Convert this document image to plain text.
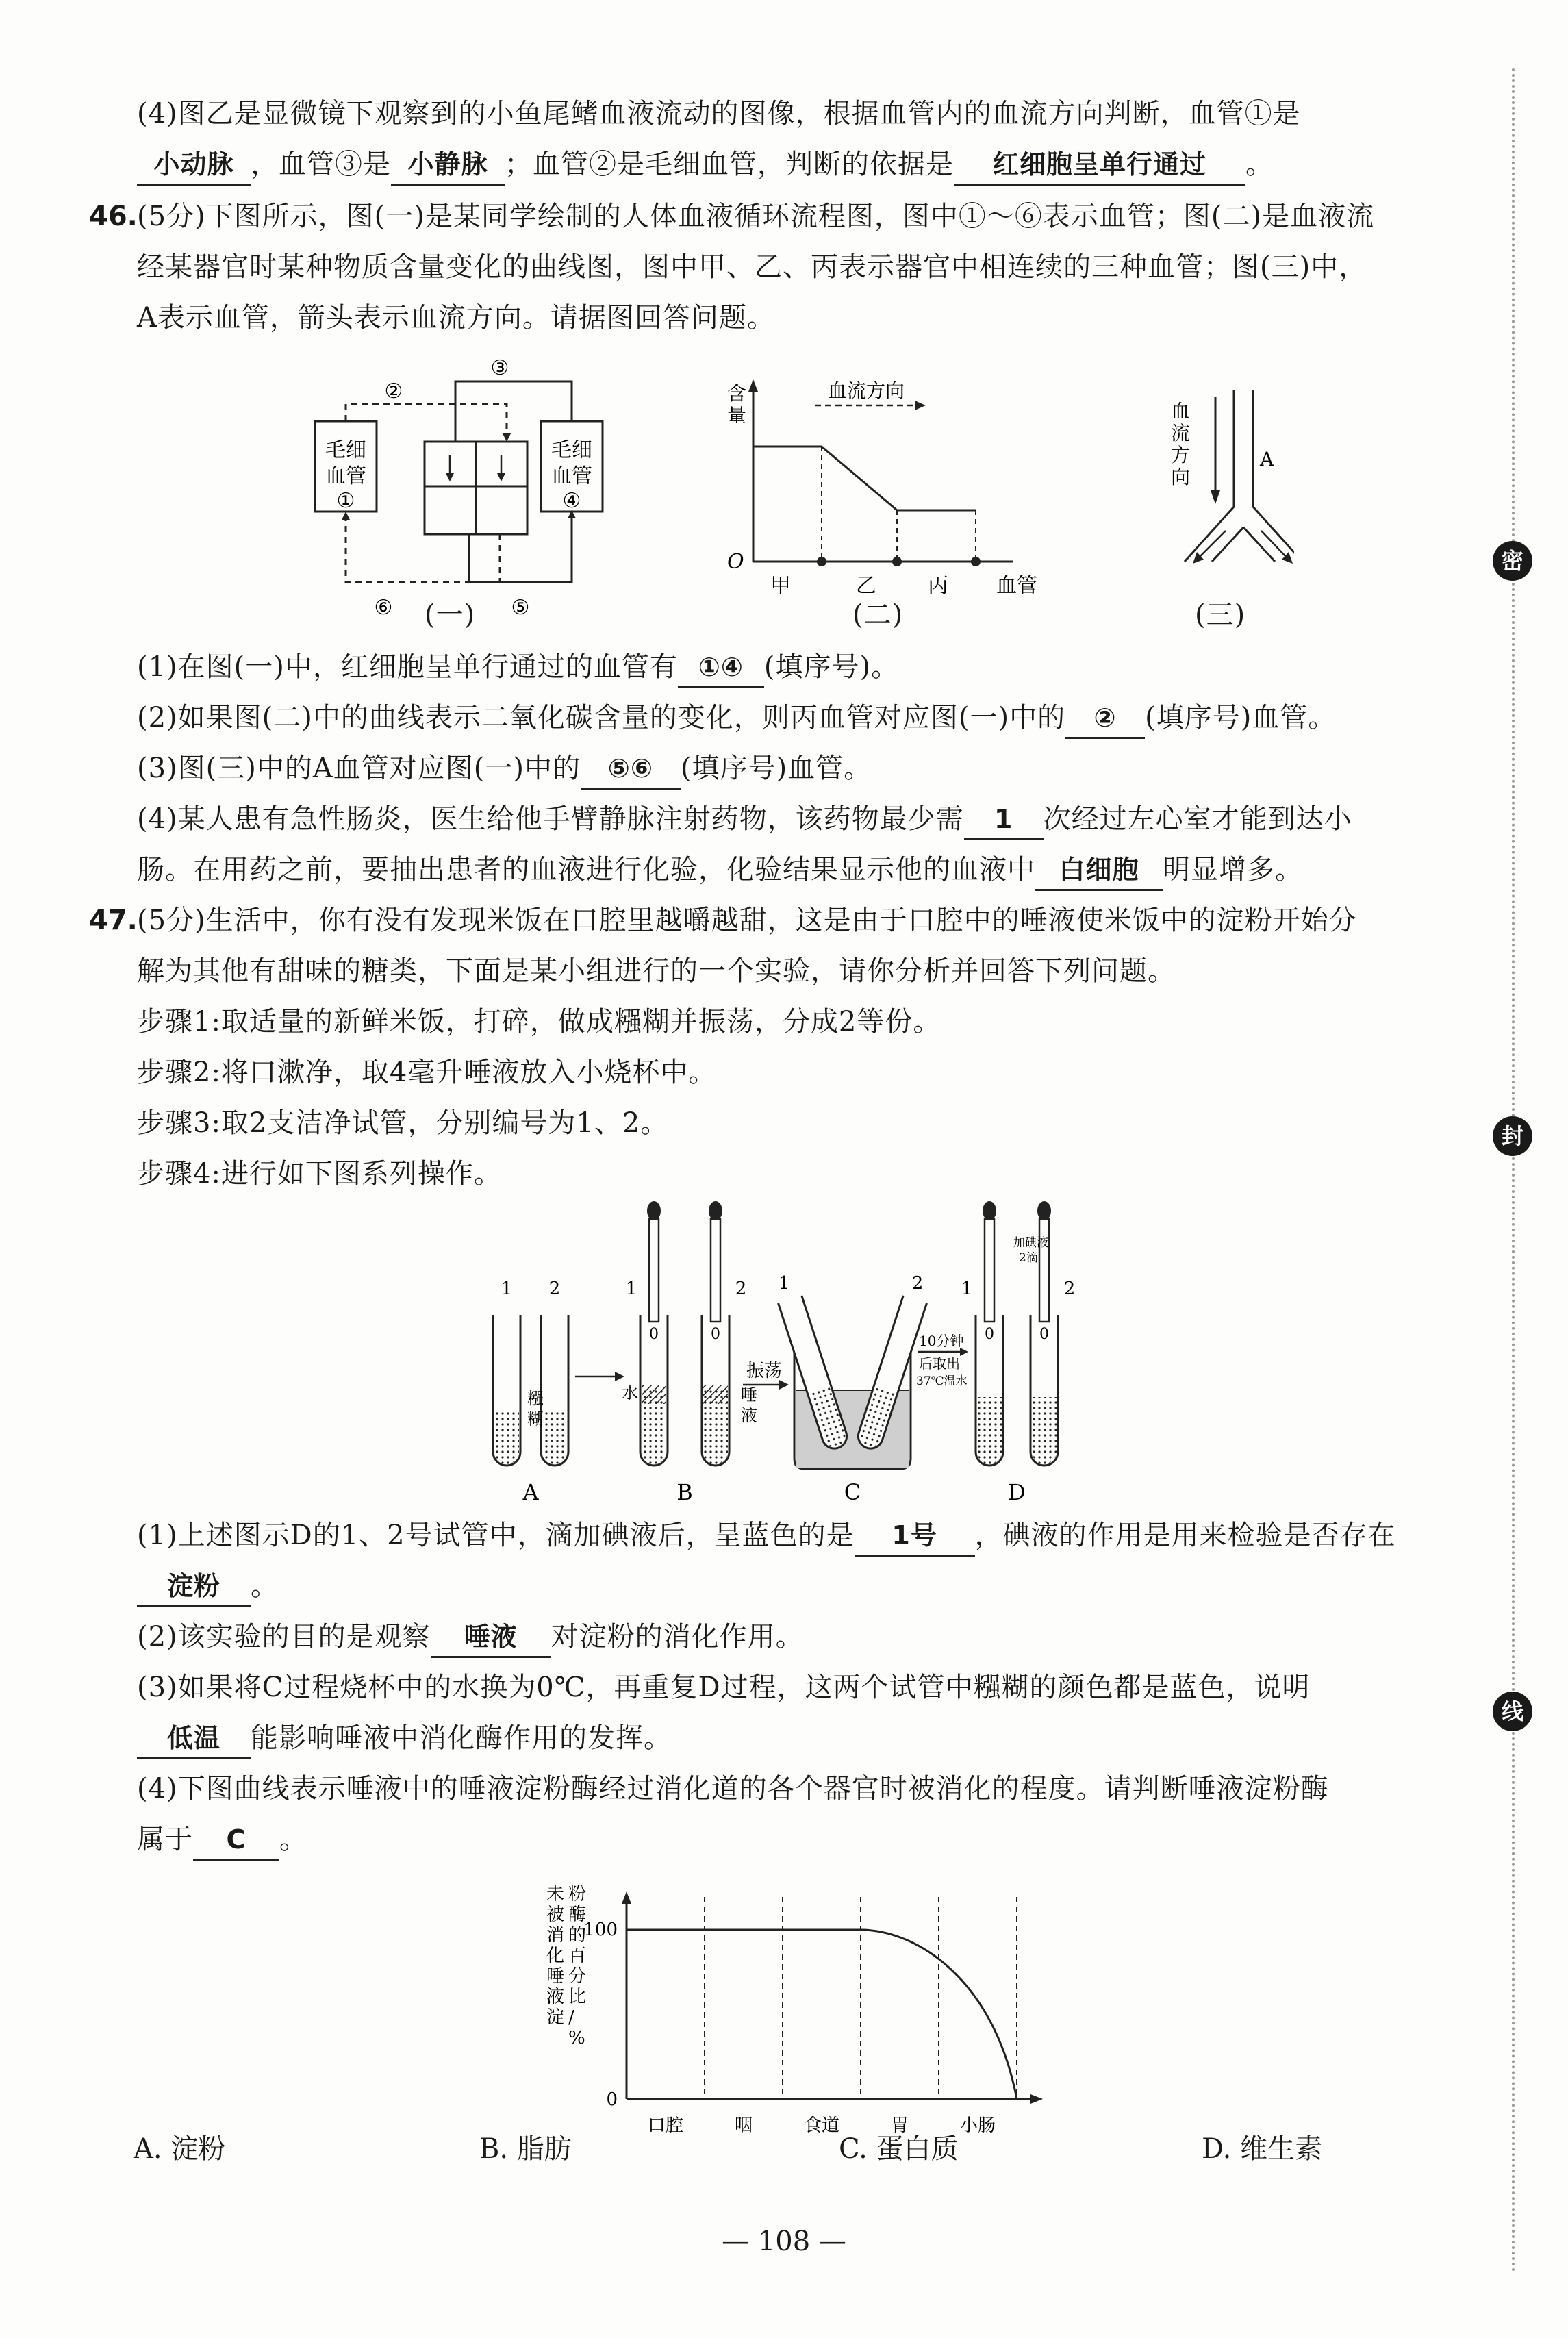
(4)图乙是显微镜下观察到的小鱼尾鳍血液流动的图像，根据血管内的血流方向判断，血管①是
小动脉 ，血管③是 小静脉 ；血管②是毛细血管，判断的依据是 红细胞呈单行通过 。
46. (5分)下图所示，图(一)是某同学绘制的人体血液循环流程图，图中①～⑥表示血管；图(二)是血液流
经某器官时某种物质含量变化的曲线图，图中甲、乙、丙表示器官中相连续的三种血管；图(三)中，
A表示血管，箭头表示血流方向。请据图回答问题。
毛细
血管
①
毛细
血管
④
③
②
⑤
⑥ (一)
含
量
血流方向
O
甲	乙	丙 血管
(二)
血
流
方
向
A
(三)
(1)在图(一)中，红细胞呈单行通过的血管有 ①④ (填序号)。
(2)如果图(二)中的曲线表示二氧化碳含量的变化，则丙血管对应图(一)中的 ② (填序号)血管。
(3)图(三)中的A血管对应图(一)中的 ⑤⑥ (填序号)血管。
(4)某人患有急性肠炎，医生给他手臂静脉注射药物，该药物最少需 1 次经过左心室才能到达小
肠。在用药之前，要抽出患者的血液进行化验，化验结果显示他的血液中 白细胞 明显增多。
47. (5分)生活中，你有没有发现米饭在口腔里越嚼越甜，这是由于口腔中的唾液使米饭中的淀粉开始分
解为其他有甜味的糖类，下面是某小组进行的一个实验，请你分析并回答下列问题。
步骤1:取适量的新鲜米饭，打碎，做成糨糊并振荡，分成2等份。
步骤2:将口漱净，取4毫升唾液放入小烧杯中。
步骤3:取2支洁净试管，分别编号为1、2。
步骤4:进行如下图系列操作。
1 2
糨
糊
A
0	0
1	2
水	唾
液
振荡
B
1	2
C
10分钟
后取出
37℃温水
0	0
1	2
加碘液
2滴
D
(1)上述图示D的1、2号试管中，滴加碘液后，呈蓝色的是 1号 ，碘液的作用是用来检验是否存在
淀粉 。
(2)该实验的目的是观察 唾液 对淀粉的消化作用。
(3)如果将C过程烧杯中的水换为0℃，再重复D过程，这两个试管中糨糊的颜色都是蓝色，说明
低温 能影响唾液中消化酶作用的发挥。
(4)下图曲线表示唾液中的唾液淀粉酶经过消化道的各个器官时被消化的程度。请判断唾液淀粉酶
属于 C 。
未
被
消
化
唾
液
淀
粉
酶
的
百
分
比
/
%
口腔	咽	食道	胃	小肠
100
0
A. 淀粉	B. 脂肪	C. 蛋白质	D. 维生素
密
封
线
— 108 —
